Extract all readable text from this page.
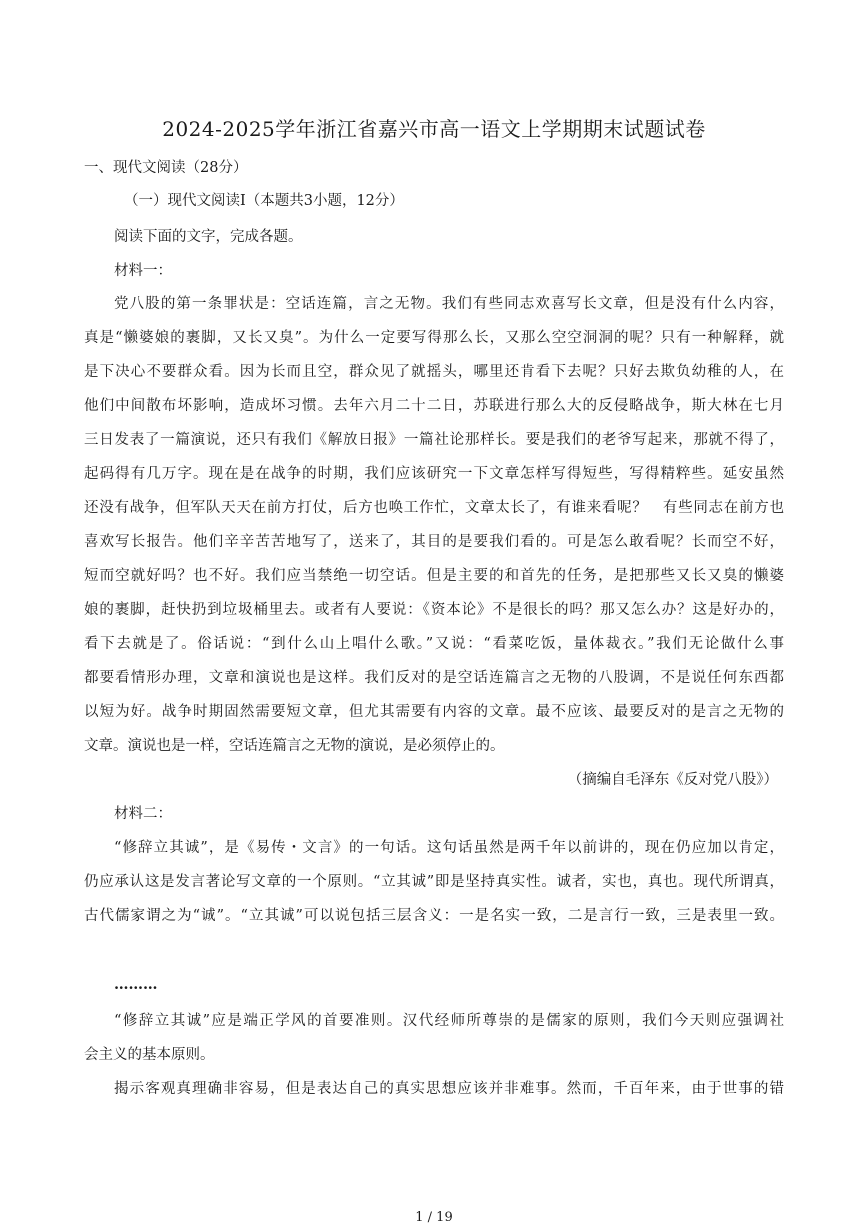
2024-2025学年浙江省嘉兴市高一语文上学期期末试题试卷
一、现代文阅读（28分）
（一）现代文阅读Ⅰ（本题共3小题，12分）
阅读下面的文字，完成各题。
材料一：
党八股的第一条罪状是：空话连篇，言之无物。我们有些同志欢喜写长文章，但是没有什么内容，
真是“懒婆娘的裹脚，又长又臭”。为什么一定要写得那么长，又那么空空洞洞的呢？只有一种解释，就
是下决心不要群众看。因为长而且空，群众见了就摇头，哪里还肯看下去呢？只好去欺负幼稚的人，在
他们中间散布坏影响，造成坏习惯。去年六月二十二日，苏联进行那么大的反侵略战争，斯大林在七月
三日发表了一篇演说，还只有我们《解放日报》一篇社论那样长。要是我们的老爷写起来，那就不得了，
起码得有几万字。现在是在战争的时期，我们应该研究一下文章怎样写得短些，写得精粹些。延安虽然
还没有战争，但军队天天在前方打仗，后方也唤工作忙，文章太长了，有谁来看呢？　有些同志在前方也
喜欢写长报告。他们辛辛苦苦地写了，送来了，其目的是要我们看的。可是怎么敢看呢？长而空不好，
短而空就好吗？也不好。我们应当禁绝一切空话。但是主要的和首先的任务，是把那些又长又臭的懒婆
娘的裹脚，赶快扔到垃圾桶里去。或者有人要说：《资本论》不是很长的吗？那又怎么办？这是好办的，
看下去就是了。俗话说：“到什么山上唱什么歌。”又说：“看菜吃饭，量体裁衣。”我们无论做什么事
都要看情形办理，文章和演说也是这样。我们反对的是空话连篇言之无物的八股调，不是说任何东西都
以短为好。战争时期固然需要短文章，但尤其需要有内容的文章。最不应该、最要反对的是言之无物的
文章。演说也是一样，空话连篇言之无物的演说，是必须停止的。
（摘编自毛泽东《反对党八股》）
材料二：
“修辞立其诚”，是《易传・文言》的一句话。这句话虽然是两千年以前讲的，现在仍应加以肯定，
仍应承认这是发言著论写文章的一个原则。“立其诚”即是坚持真实性。诚者，实也，真也。现代所谓真，
古代儒家谓之为“诚”。“立其诚”可以说包括三层含义：一是名实一致，二是言行一致，三是表里一致。
………
“修辞立其诚”应是端正学风的首要准则。汉代经师所尊崇的是儒家的原则，我们今天则应强调社
会主义的基本原则。
揭示客观真理确非容易，但是表达自己的真实思想应该并非难事。然而，千百年来，由于世事的错
1 / 19
